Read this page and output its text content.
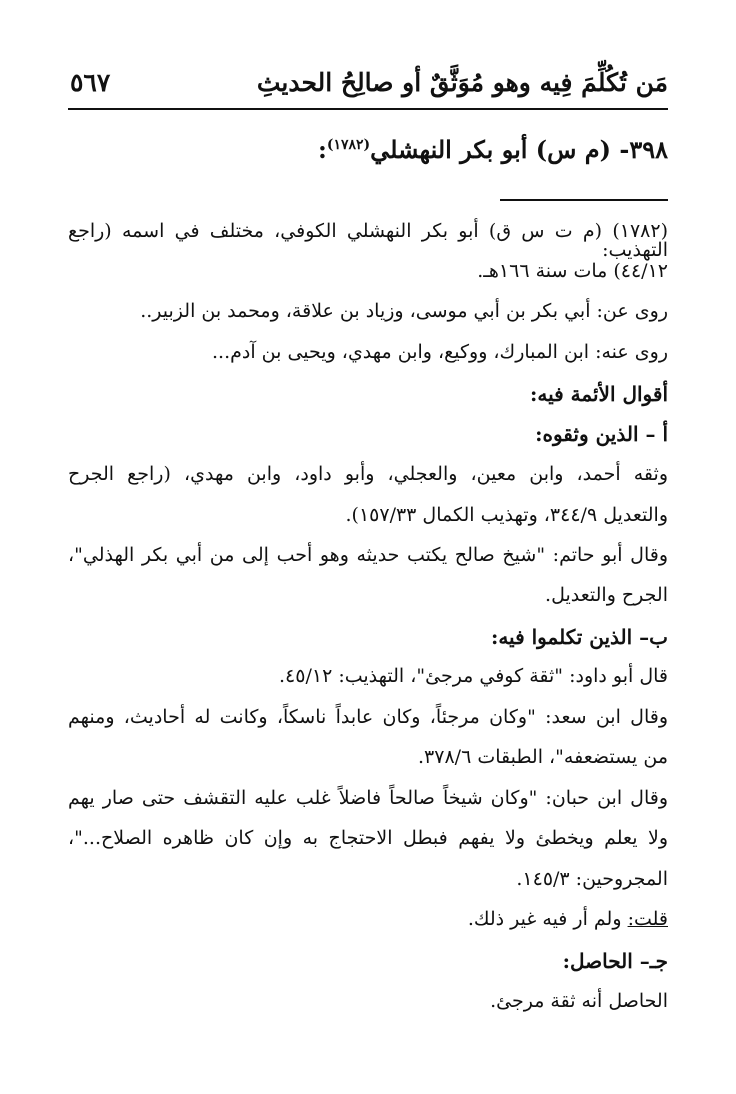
مَن تُكُلِّمَ فِيه وهو مُوَثَّقٌ أو صالِحُ الحديثِ
٥٦٧
٣٩٨- (م س) أبو بكر النهشلي$^{(١٧٨٢)}$:
(١٧٨٢) (م ت س ق) أبو بكر النهشلي الكوفي، مختلف في اسمه (راجع التهذيب:
٤٤/١٢) مات سنة ١٦٦هـ.
روى عن: أبي بكر بن أبي موسى، وزياد بن علاقة، ومحمد بن الزبير..
روى عنه: ابن المبارك، ووكيع، وابن مهدي، ويحيى بن آدم...
أقوال الأئمة فيه:
أ – الذين وثقوه:
وثقه أحمد، وابن معين، والعجلي، وأبو داود، وابن مهدي، (راجع الجرح
والتعديل ٣٤٤/٩، وتهذيب الكمال ١٥٧/٣٣).
وقال أبو حاتم: "شيخ صالح يكتب حديثه وهو أحب إلى من أبي بكر الهذلي"،
الجرح والتعديل.
ب– الذين تكلموا فيه:
قال أبو داود: "ثقة كوفي مرجئ"، التهذيب: ٤٥/١٢.
وقال ابن سعد: "وكان مرجئاً، وكان عابداً ناسكاً، وكانت له أحاديث، ومنهم
من يستضعفه"، الطبقات ٣٧٨/٦.
وقال ابن حبان: "وكان شيخاً صالحاً فاضلاً غلب عليه التقشف حتى صار يهم
ولا يعلم ويخطئ ولا يفهم فبطل الاحتجاج به وإن كان ظاهره الصلاح..."،
المجروحين: ١٤٥/٣.
قلت: ولم أر فيه غير ذلك.
جـ– الحاصل:
الحاصل أنه ثقة مرجئ.
